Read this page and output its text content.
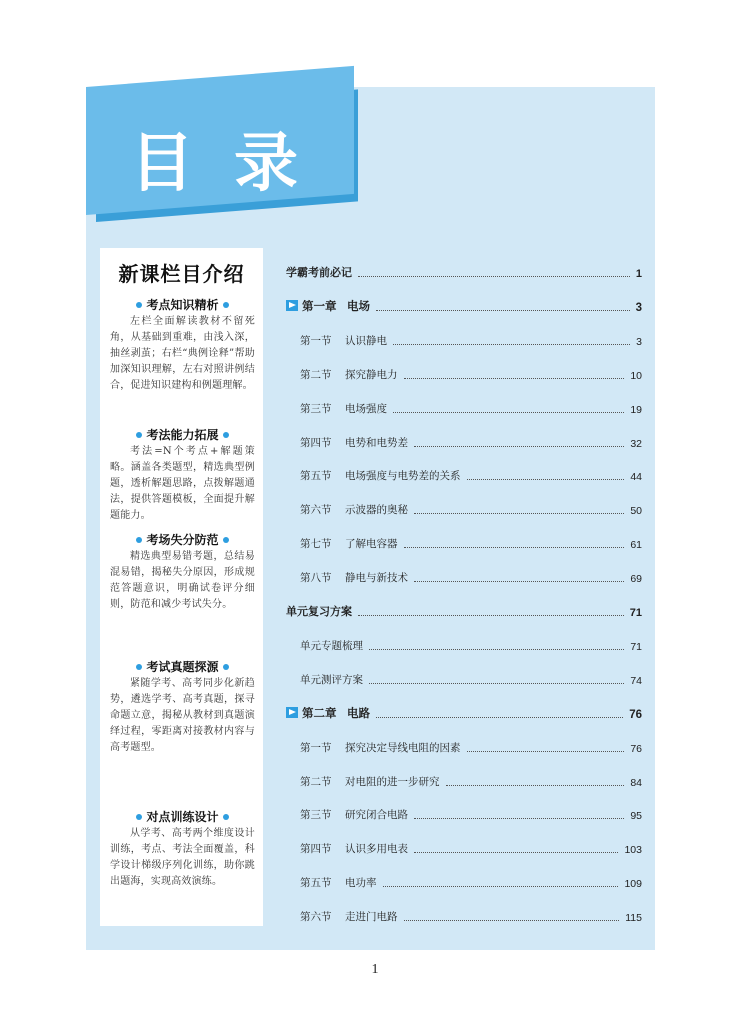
目录
新课栏目介绍
考点知识精析
左栏全面解读教材不留死角，从基础到重难，由浅入深，抽丝剥茧；右栏“典例诠释”帮助加深知识理解，左右对照讲例结合，促进知识建构和例题理解。
考法能力拓展
考法=N个考点+解题策略。涵盖各类题型，精选典型例题，透析解题思路，点拨解题通法，提供答题模板，全面提升解题能力。
考场失分防范
精选典型易错考题，总结易混易错，揭秘失分原因，形成规范答题意识，明确试卷评分细则，防范和减少考试失分。
考试真题探源
紧随学考、高考同步化新趋势，遴选学考、高考真题，探寻命题立意，揭秘从教材到真题演绎过程，零距离对接教材内容与高考题型。
对点训练设计
从学考、高考两个维度设计训练，考点、考法全面覆盖，科学设计梯级序列化训练，助你跳出题海，实现高效演练。
学霸考前必记	1
第一章 电场	3
第一节 认识静电	3
第二节 探究静电力	10
第三节 电场强度	19
第四节 电势和电势差	32
第五节 电场强度与电势差的关系	44
第六节 示波器的奥秘	50
第七节 了解电容器	61
第八节 静电与新技术	69
单元复习方案	71
单元专题梳理	71
单元测评方案	74
第二章 电路	76
第一节 探究决定导线电阻的因素	76
第二节 对电阻的进一步研究	84
第三节 研究闭合电路	95
第四节 认识多用电表	103
第五节 电功率	109
第六节 走进门电路	115
1
